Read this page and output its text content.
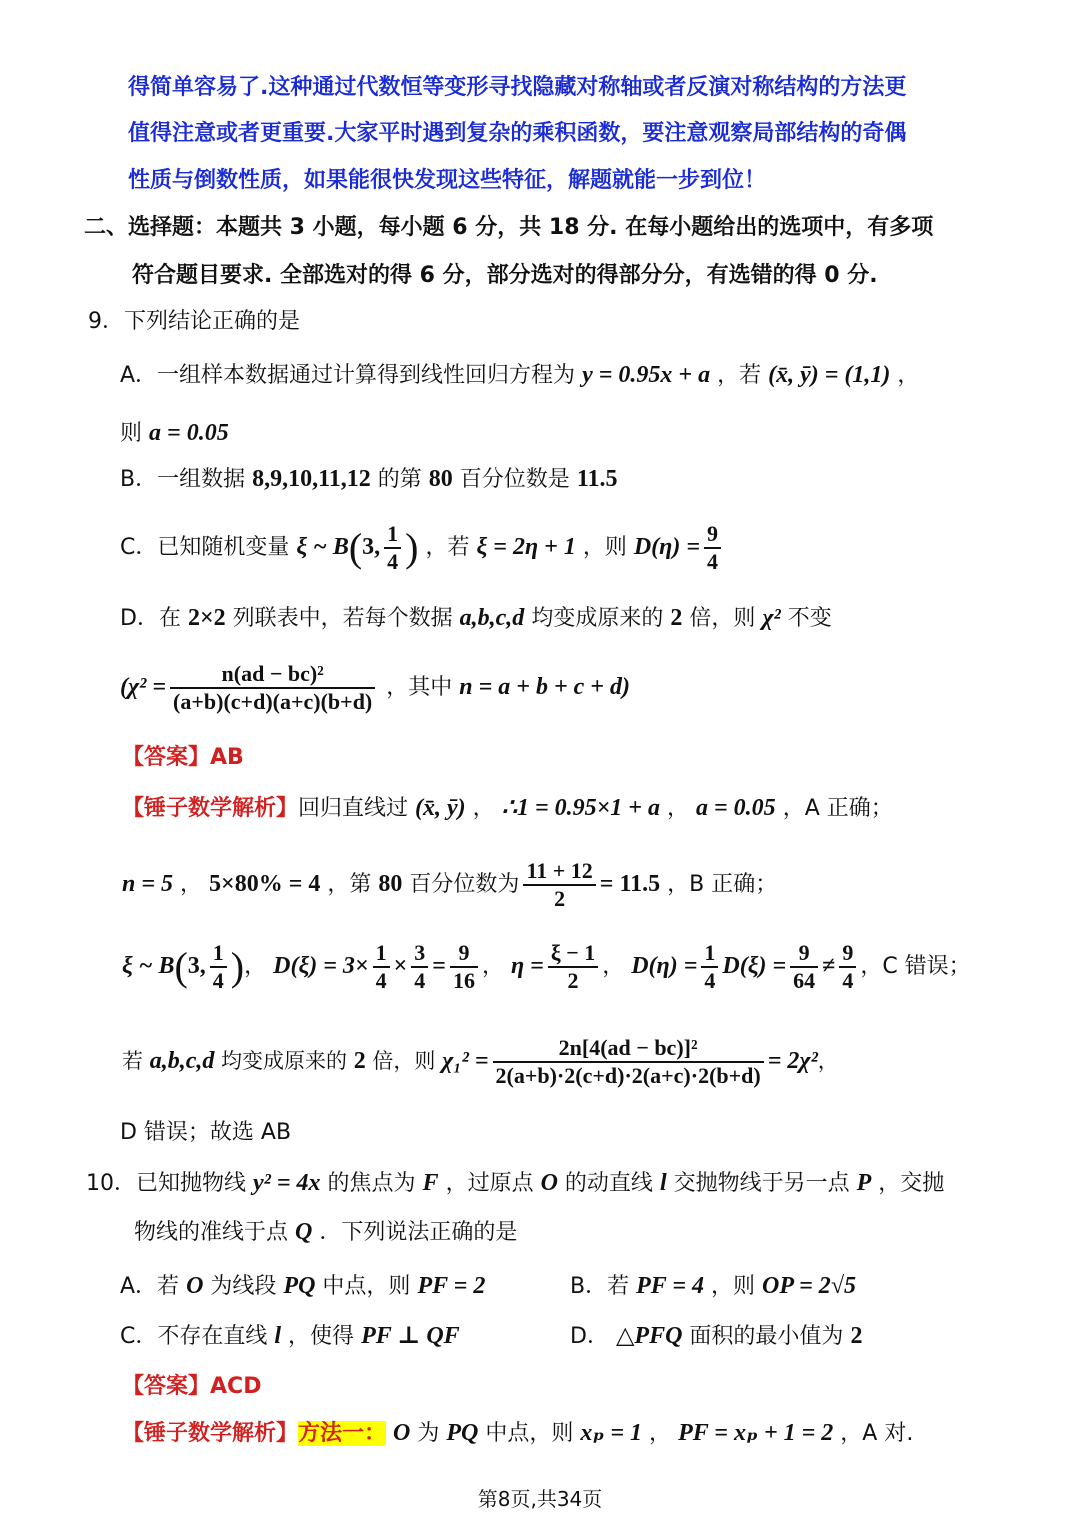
得简单容易了.这种通过代数恒等变形寻找隐藏对称轴或者反演对称结构的方法更
值得注意或者更重要.大家平时遇到复杂的乘积函数，要注意观察局部结构的奇偶
性质与倒数性质，如果能很快发现这些特征，解题就能一步到位！
二、选择题：本题共 3 小题，每小题 6 分，共 18 分. 在每小题给出的选项中，有多项
符合题目要求. 全部选对的得 6 分，部分选对的得部分分，有选错的得 0 分.
9．下列结论正确的是
A．一组样本数据通过计算得到线性回归方程为 y = 0.95x + a ，若 (x̄, ȳ) = (1,1) ，
则 a = 0.05
B．一组数据 8,9,10,11,12 的第 80 百分位数是 11.5
C．已知随机变量 ξ ~ B(3, $\frac{1}{4}$ ) ，若 ξ = 2η + 1 ，则 $D(\eta) = \frac{9}{4}$
D．在 2×2 列联表中，若每个数据 a,b,c,d 均变成原来的 2 倍，则 χ² 不变
($\chi^2 = \frac{\text{n(ad − bc)²}}{(a+b)(c+d)(a+c)(b+d)}$ ，其中 n = a + b + c + d)
【答案】AB
【锤子数学解析】回归直线过 (x̄, ȳ) ， ∴1 = 0.95×1 + a ， a = 0.05 ，A 正确；
n = 5 ， 5×80% = 4 ，第 80 百分位数为 $\frac{11 + 12}{2} = 11.5$ ，B 正确；
ξ ~ B(3, $\frac{1}{4}$ )， $D(\xi) = 3\times \frac{1}{4} \times \frac{3}{4} = \frac{9}{16}$ ， $\eta = \frac{\xi - 1}{2}$ ， $D(\eta) = \frac{1}{4} D(\xi) = \frac{9}{64} \ne \frac{9}{4}$ ，C 错误；
若 a,b,c,d 均变成原来的 2 倍，则 $\chi_1^2 = \frac{\text{2n[4(ad − bc)]²}}{2(a+b)\cdot 2(c+d)\cdot 2(a+c)\cdot 2(b+d)} = 2\chi^2$，
D 错误；故选 AB
10．已知抛物线 y² = 4x 的焦点为 F ，过原点 O 的动直线 l 交抛物线于另一点 P ，交抛
物线的准线于点 Q ．下列说法正确的是
A．若 O 为线段 PQ 中点，则 PF = 2	B．若 PF = 4 ，则 OP = 2√5
C．不存在直线 l ，使得 PF ⊥ QF	D． △PFQ 面积的最小值为 2
【答案】ACD
【锤子数学解析】方法一： O 为 PQ 中点，则 xₚ = 1 ， PF = xₚ + 1 = 2 ，A 对.
第8页,共34页
